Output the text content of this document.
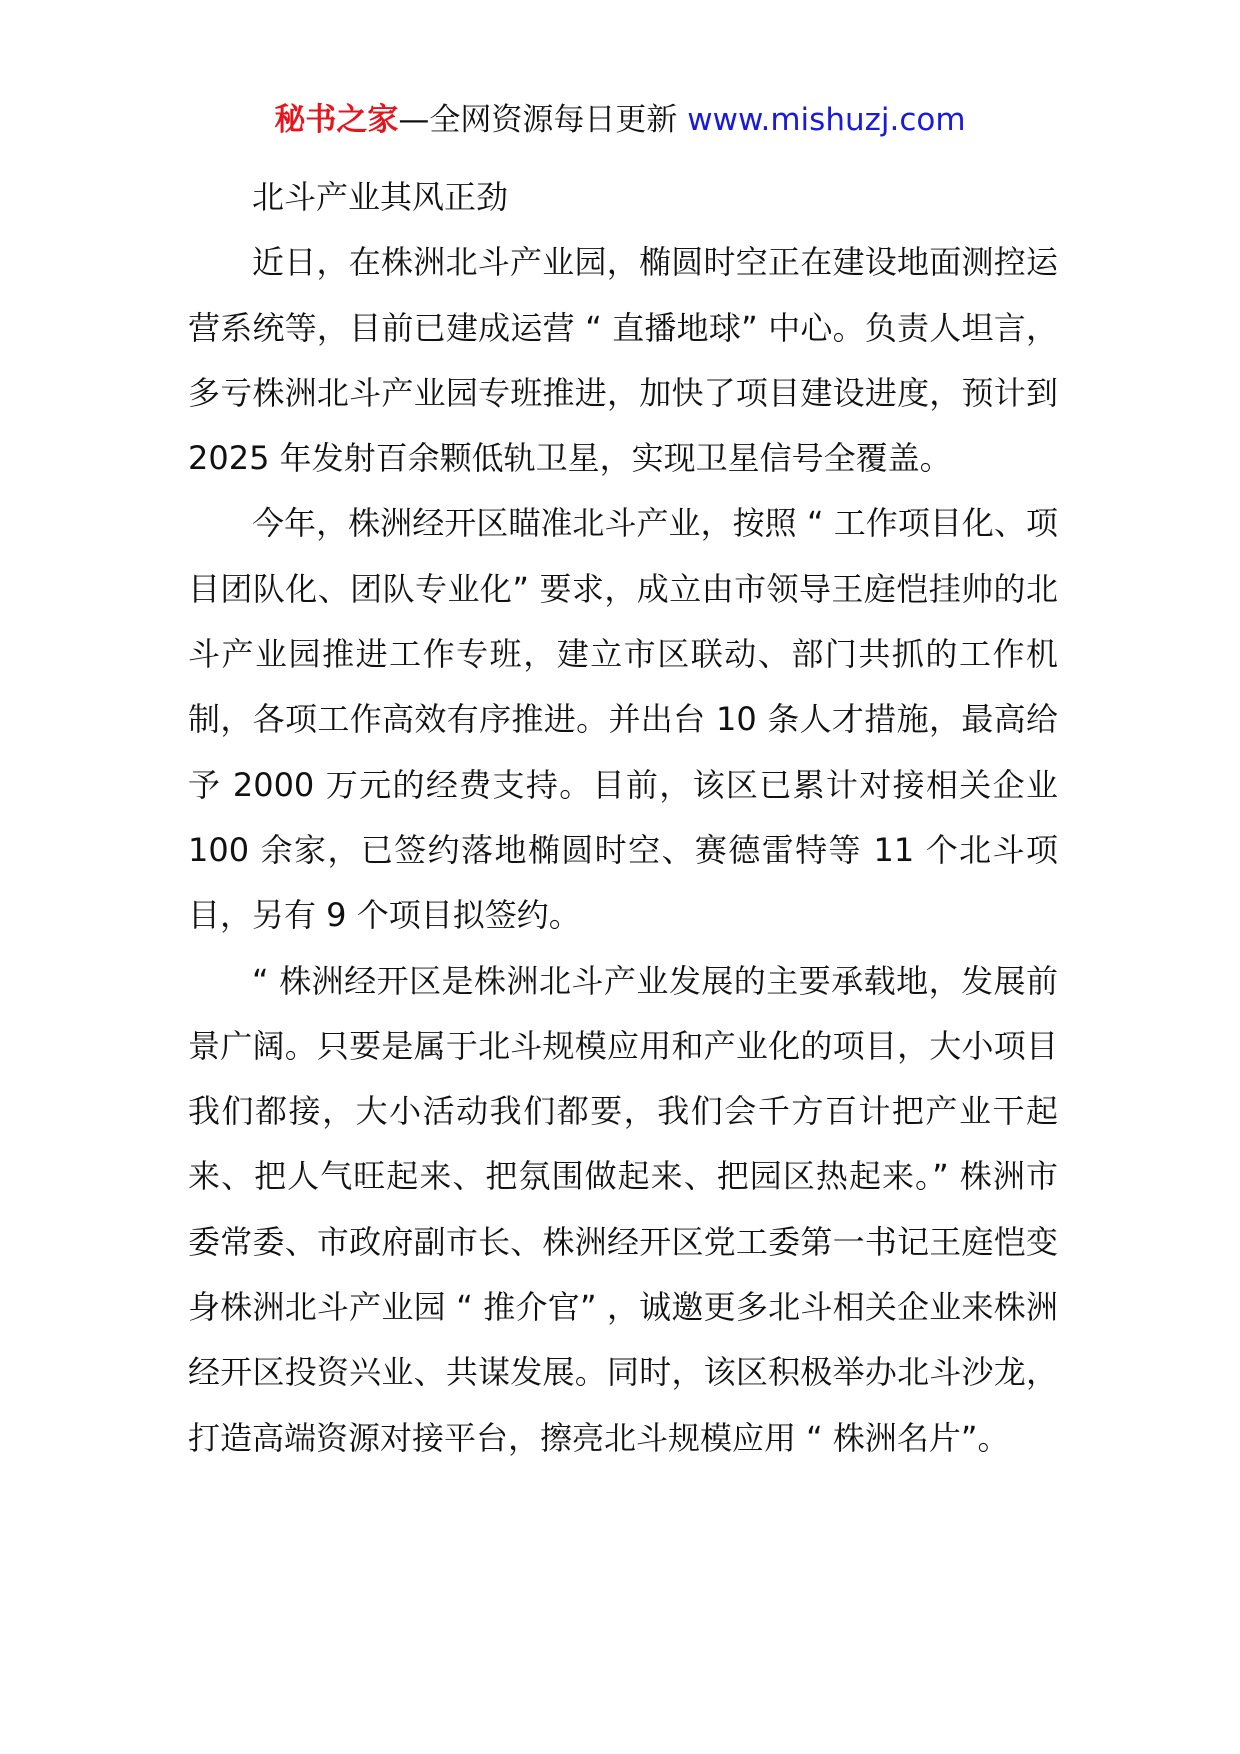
秘书之家—全网资源每日更新 www.mishuzj.com

北斗产业其风正劲

近日，在株洲北斗产业园，椭圆时空正在建设地面测控运营系统等，目前已建成运营 “ 直播地球” 中心。负责人坦言，多亏株洲北斗产业园专班推进，加快了项目建设进度，预计到 2025 年发射百余颗低轨卫星，实现卫星信号全覆盖。

今年，株洲经开区瞄准北斗产业，按照 “ 工作项目化、项目团队化、团队专业化” 要求，成立由市领导王庭恺挂帅的北斗产业园推进工作专班，建立市区联动、部门共抓的工作机制，各项工作高效有序推进。并出台 10 条人才措施，最高给予 2000 万元的经费支持。目前，该区已累计对接相关企业 100 余家，已签约落地椭圆时空、赛德雷特等 11 个北斗项目，另有 9 个项目拟签约。

“ 株洲经开区是株洲北斗产业发展的主要承载地，发展前景广阔。只要是属于北斗规模应用和产业化的项目，大小项目我们都接，大小活动我们都要，我们会千方百计把产业干起来、把人气旺起来、把氛围做起来、把园区热起来。” 株洲市委常委、市政府副市长、株洲经开区党工委第一书记王庭恺变身株洲北斗产业园 “ 推介官” ，诚邀更多北斗相关企业来株洲经开区投资兴业、共谋发展。同时，该区积极举办北斗沙龙，打造高端资源对接平台，擦亮北斗规模应用 “ 株洲名片”。
